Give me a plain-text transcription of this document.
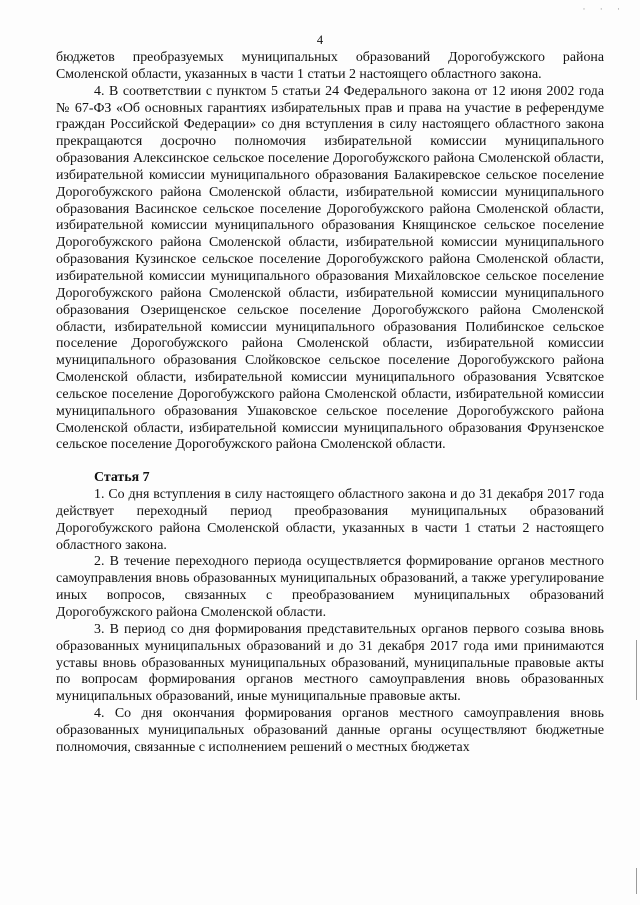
· · ·
4

бюджетов преобразуемых муниципальных образований Дорогобужского района Смоленской области, указанных в части 1 статьи 2 настоящего областного закона.

4. В соответствии с пунктом 5 статьи 24 Федерального закона от 12 июня 2002 года № 67-ФЗ «Об основных гарантиях избирательных прав и права на участие в референдуме граждан Российской Федерации» со дня вступления в силу настоящего областного закона прекращаются досрочно полномочия избирательной комиссии муниципального образования Алексинское сельское поселение Дорогобужского района Смоленской области, избирательной комиссии муниципального образования Балакиревское сельское поселение Дорогобужского района Смоленской области, избирательной комиссии муниципального образования Васинское сельское поселение Дорогобужского района Смоленской области, избирательной комиссии муниципального образования Княщинское сельское поселение Дорогобужского района Смоленской области, избирательной комиссии муниципального образования Кузинское сельское поселение Дорогобужского района Смоленской области, избирательной комиссии муниципального образования Михайловское сельское поселение Дорогобужского района Смоленской области, избирательной комиссии муниципального образования Озерищенское сельское поселение Дорогобужского района Смоленской области, избирательной комиссии муниципального образования Полибинское сельское поселение Дорогобужского района Смоленской области, избирательной комиссии муниципального образования Слойковское сельское поселение Дорогобужского района Смоленской области, избирательной комиссии муниципального образования Усвятское сельское поселение Дорогобужского района Смоленской области, избирательной комиссии муниципального образования Ушаковское сельское поселение Дорогобужского района Смоленской области, избирательной комиссии муниципального образования Фрунзенское сельское поселение Дорогобужского района Смоленской области.

Статья 7

1. Со дня вступления в силу настоящего областного закона и до 31 декабря 2017 года действует переходный период преобразования муниципальных образований Дорогобужского района Смоленской области, указанных в части 1 статьи 2 настоящего областного закона.

2. В течение переходного периода осуществляется формирование органов местного самоуправления вновь образованных муниципальных образований, а также урегулирование иных вопросов, связанных с преобразованием муниципальных образований Дорогобужского района Смоленской области.

3. В период со дня формирования представительных органов первого созыва вновь образованных муниципальных образований и до 31 декабря 2017 года ими принимаются уставы вновь образованных муниципальных образований, муниципальные правовые акты по вопросам формирования органов местного самоуправления вновь образованных муниципальных образований, иные муниципальные правовые акты.

4. Со дня окончания формирования органов местного самоуправления вновь образованных муниципальных образований данные органы осуществляют бюджетные полномочия, связанные с исполнением решений о местных бюджетах
